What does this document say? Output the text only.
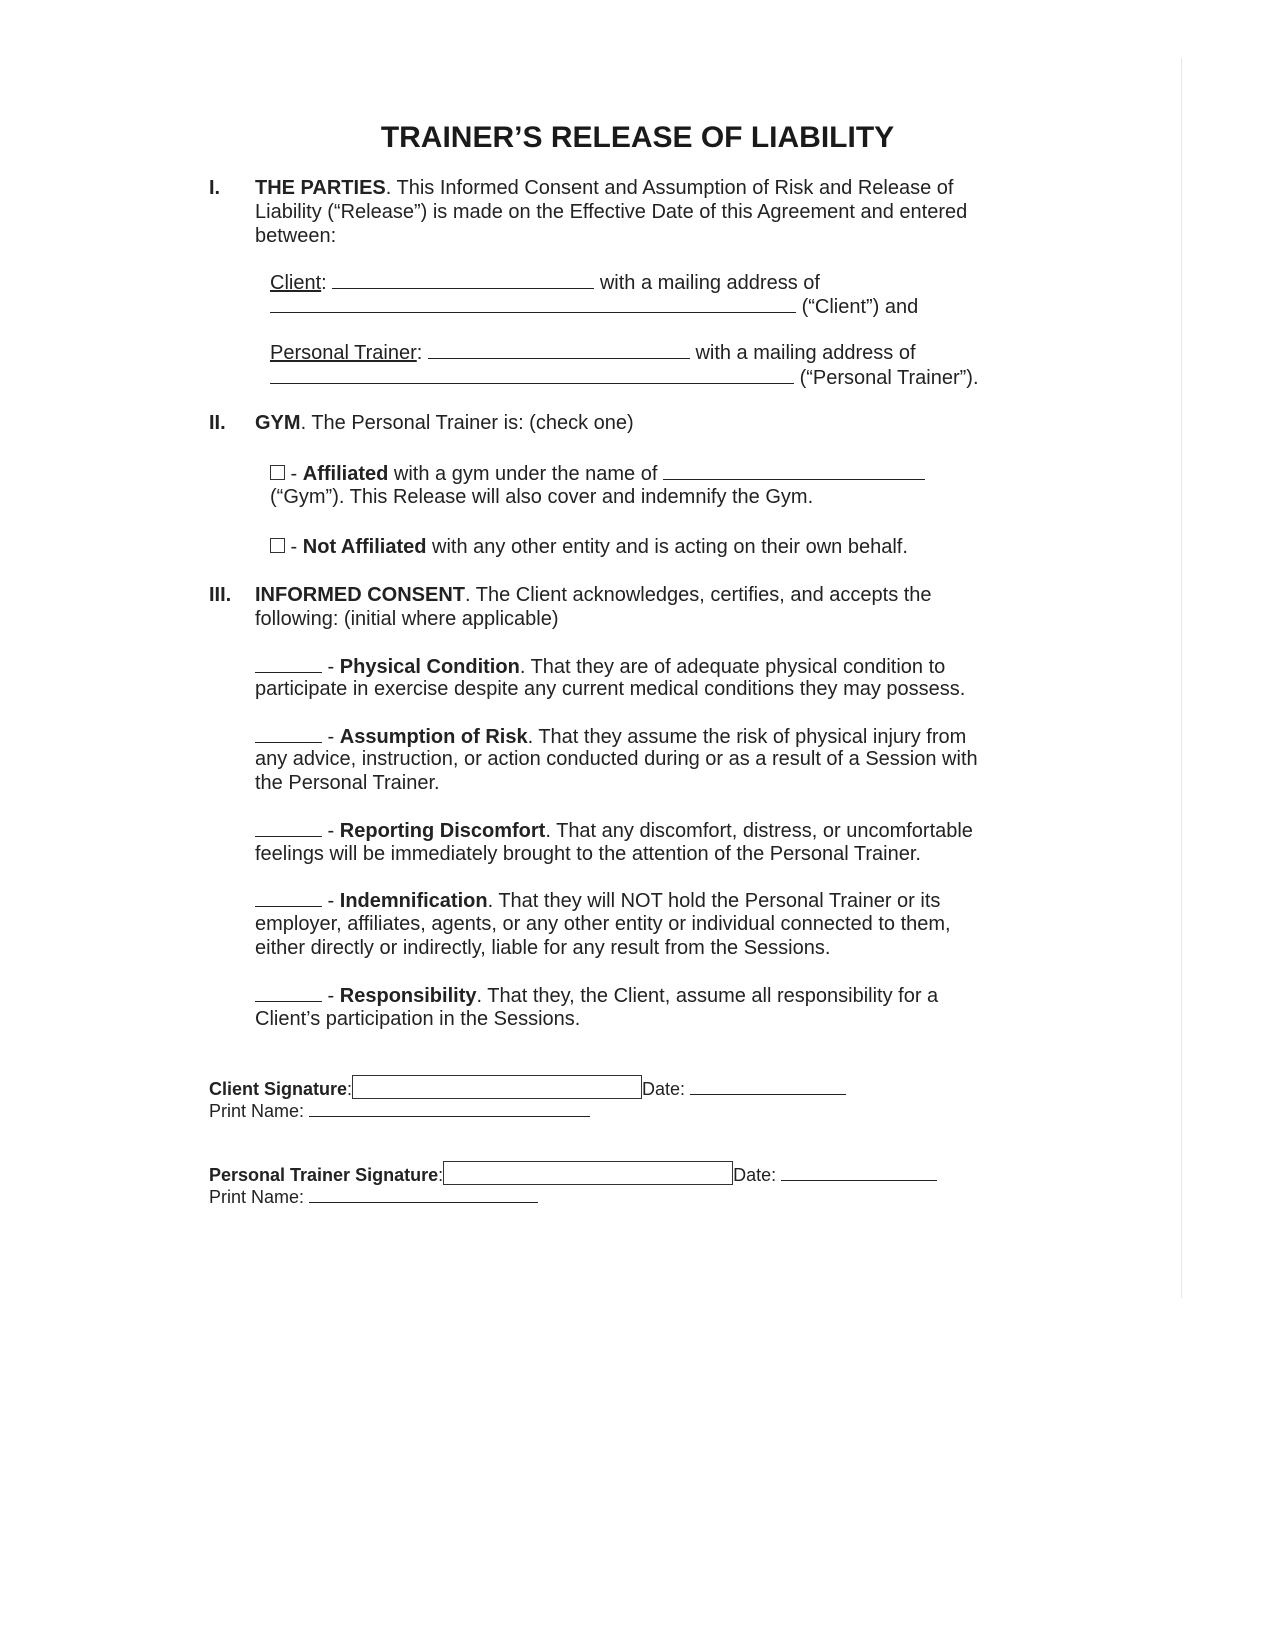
TRAINER’S RELEASE OF LIABILITY
I. THE PARTIES. This Informed Consent and Assumption of Risk and Release of
Liability (“Release”) is made on the Effective Date of this Agreement and entered
between:
Client:	with a mailing address of
(“Client”) and
Personal Trainer:	with a mailing address of
(“Personal Trainer”).
II. GYM. The Personal Trainer is: (check one)
- Affiliated with a gym under the name of
(“Gym”). This Release will also cover and indemnify the Gym.
- Not Affiliated with any other entity and is acting on their own behalf.
III. INFORMED CONSENT. The Client acknowledges, certifies, and accepts the
following: (initial where applicable)
- Physical Condition. That they are of adequate physical condition to
participate in exercise despite any current medical conditions they may possess.
- Assumption of Risk. That they assume the risk of physical injury from
any advice, instruction, or action conducted during or as a result of a Session with
the Personal Trainer.
- Reporting Discomfort. That any discomfort, distress, or uncomfortable
feelings will be immediately brought to the attention of the Personal Trainer.
- Indemnification. That they will NOT hold the Personal Trainer or its
employer, affiliates, agents, or any other entity or individual connected to them,
either directly or indirectly, liable for any result from the Sessions.
- Responsibility. That they, the Client, assume all responsibility for a
Client’s participation in the Sessions.
Client Signature:	Date:
Print Name:
Personal Trainer Signature:	Date:
Print Name:
